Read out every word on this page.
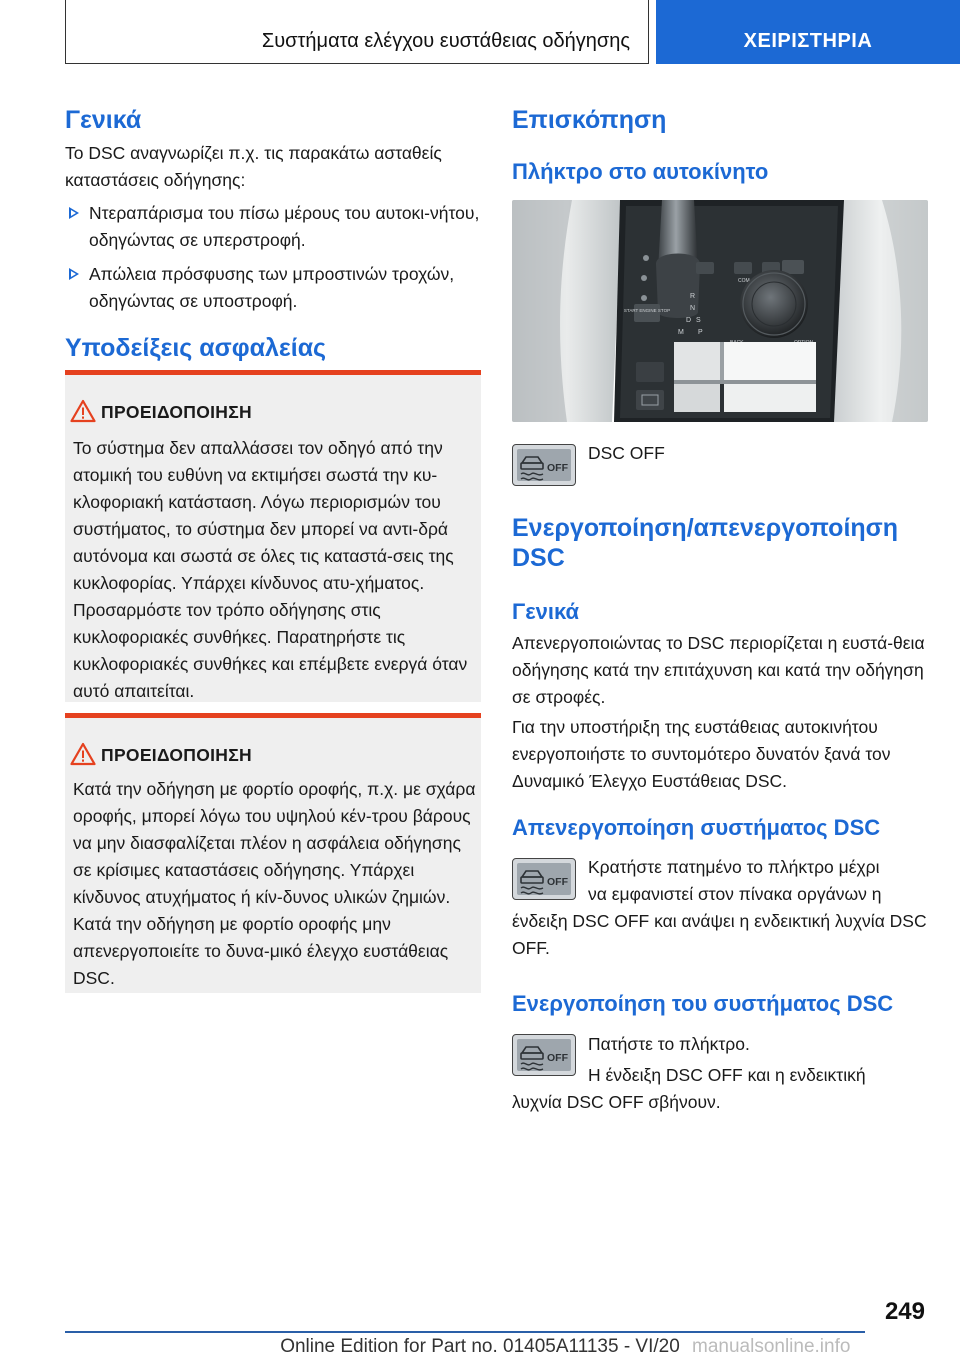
Συστήματα ελέγχου ευστάθειας οδήγησης	ΧΕΙΡΙΣΤΗΡΙΑ
Γενικά
Το DSC αναγνωρίζει π.χ. τις παρακάτω ασταθείς καταστάσεις οδήγησης:
Ντεραπάρισμα του πίσω μέρους του αυτοκι-νήτου, οδηγώντας σε υπερστροφή.
Απώλεια πρόσφυσης των μπροστινών τροχών, οδηγώντας σε υποστροφή.
Υποδείξεις ασφαλείας
ΠΡΟΕΙΔΟΠΟΙΗΣΗ
Το σύστημα δεν απαλλάσσει τον οδηγό από την ατομική του ευθύνη να εκτιμήσει σωστά την κυ-κλοφοριακή κατάσταση. Λόγω περιορισμών του συστήματος, το σύστημα δεν μπορεί να αντι-δρά αυτόνομα και σωστά σε όλες τις καταστά-σεις της κυκλοφορίας. Υπάρχει κίνδυνος ατυ-χήματος. Προσαρμόστε τον τρόπο οδήγησης στις κυκλοφοριακές συνθήκες. Παρατηρήστε τις κυκλοφοριακές συνθήκες και επέμβετε ενεργά όταν αυτό απαιτείται.
ΠΡΟΕΙΔΟΠΟΙΗΣΗ
Κατά την οδήγηση με φορτίο οροφής, π.χ. με σχάρα οροφής, μπορεί λόγω του υψηλού κέν-τρου βάρους να μην διασφαλίζεται πλέον η ασφάλεια οδήγησης σε κρίσιμες καταστάσεις οδήγησης. Υπάρχει κίνδυνος ατυχήματος ή κίν-δυνος υλικών ζημιών. Κατά την οδήγηση με φορτίο οροφής μην απενεργοποιείτε το δυνα-μικό έλεγχο ευστάθειας DSC.
Επισκόπηση
Πλήκτρο στο αυτοκίνητο
START ENGINE STOP
R
N
D S
P
M
COM
OFF
DSC OFF
Ενεργοποίηση/απενεργοποίηση
DSC
Γενικά
Απενεργοποιώντας το DSC περιορίζεται η ευστά-θεια οδήγησης κατά την επιτάχυνση και κατά την οδήγηση σε στροφές.
Για την υποστήριξη της ευστάθειας αυτοκινήτου ενεργοποιήστε το συντομότερο δυνατόν ξανά τον Δυναμικό Έλεγχο Ευστάθειας DSC.
Απενεργοποίηση συστήματος DSC
OFF
Κρατήστε πατημένο το πλήκτρο μέχρι
να εμφανιστεί στον πίνακα οργάνων η
ένδειξη DSC OFF και ανάψει η ενδεικτική λυχνία DSC OFF.
Ενεργοποίηση του συστήματος DSC
OFF
Πατήστε το πλήκτρο.
Η ένδειξη DSC OFF και η ενδεικτική
λυχνία DSC OFF σβήνουν.
249
Online Edition for Part no. 01405A11135 - VI/20 manualsonline.info
